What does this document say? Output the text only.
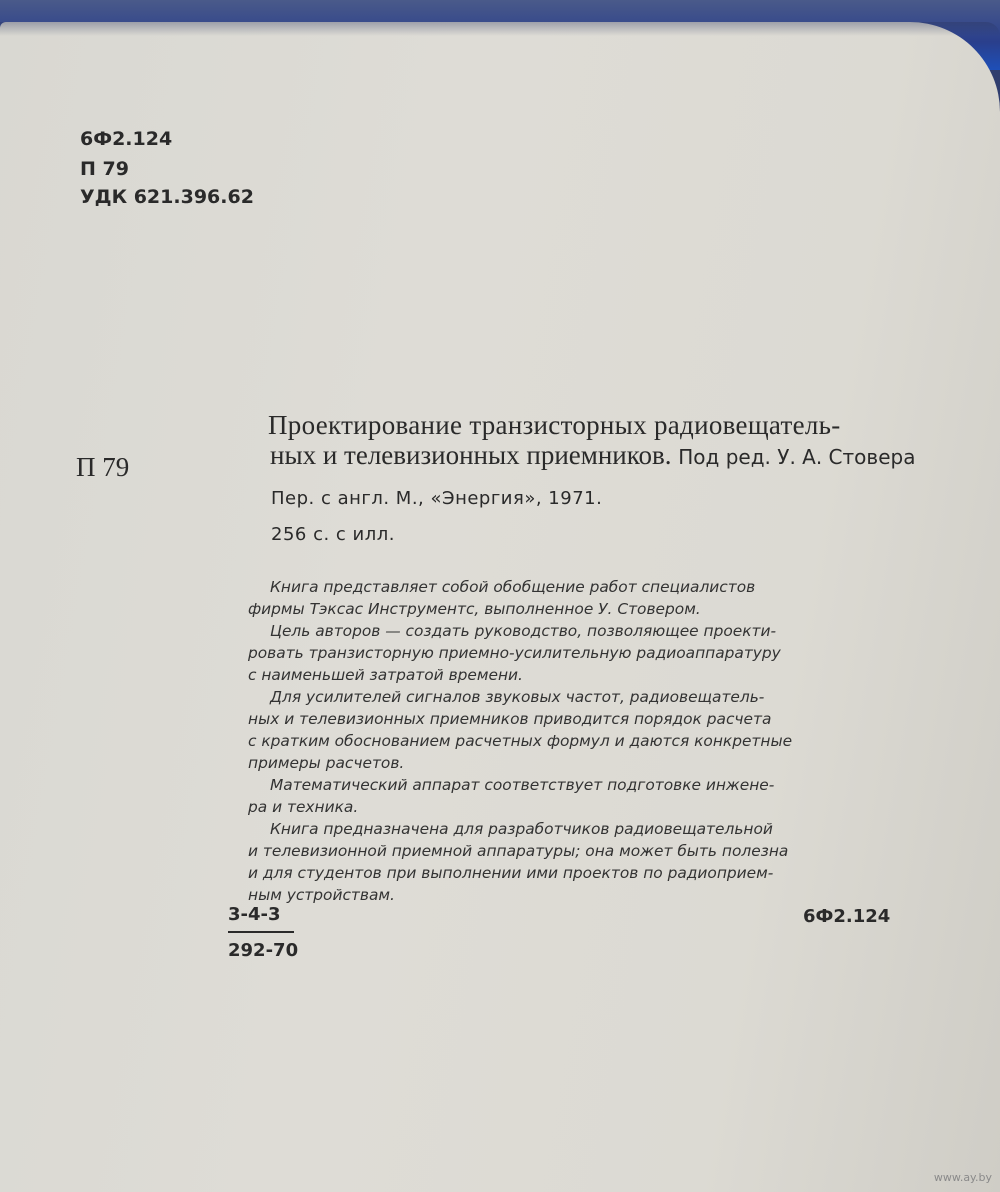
6Ф2.124
П 79
УДК 621.396.62
П 79
Проектирование транзисторных радиовещатель-
ных и телевизионных приемников. Под ред. У. А. Стовера
Пер. с англ. М., «Энергия», 1971.
256 с. с илл.
Книга представляет собой обобщение работ специалистов
фирмы Тэксас Инструментс, выполненное У. Стовером.
Цель авторов — создать руководство, позволяющее проекти-
ровать транзисторную приемно-усилительную радиоаппаратуру
с наименьшей затратой времени.
Для усилителей сигналов звуковых частот, радиовещатель-
ных и телевизионных приемников приводится порядок расчета
с кратким обоснованием расчетных формул и даются конкретные
примеры расчетов.
Математический аппарат соответствует подготовке инжене-
ра и техника.
Книга предназначена для разработчиков радиовещательной
и телевизионной приемной аппаратуры; она может быть полезна
и для студентов при выполнении ими проектов по радиоприем-
ным устройствам.
3-4-3
292-70
6Ф2.124
www.ay.by
